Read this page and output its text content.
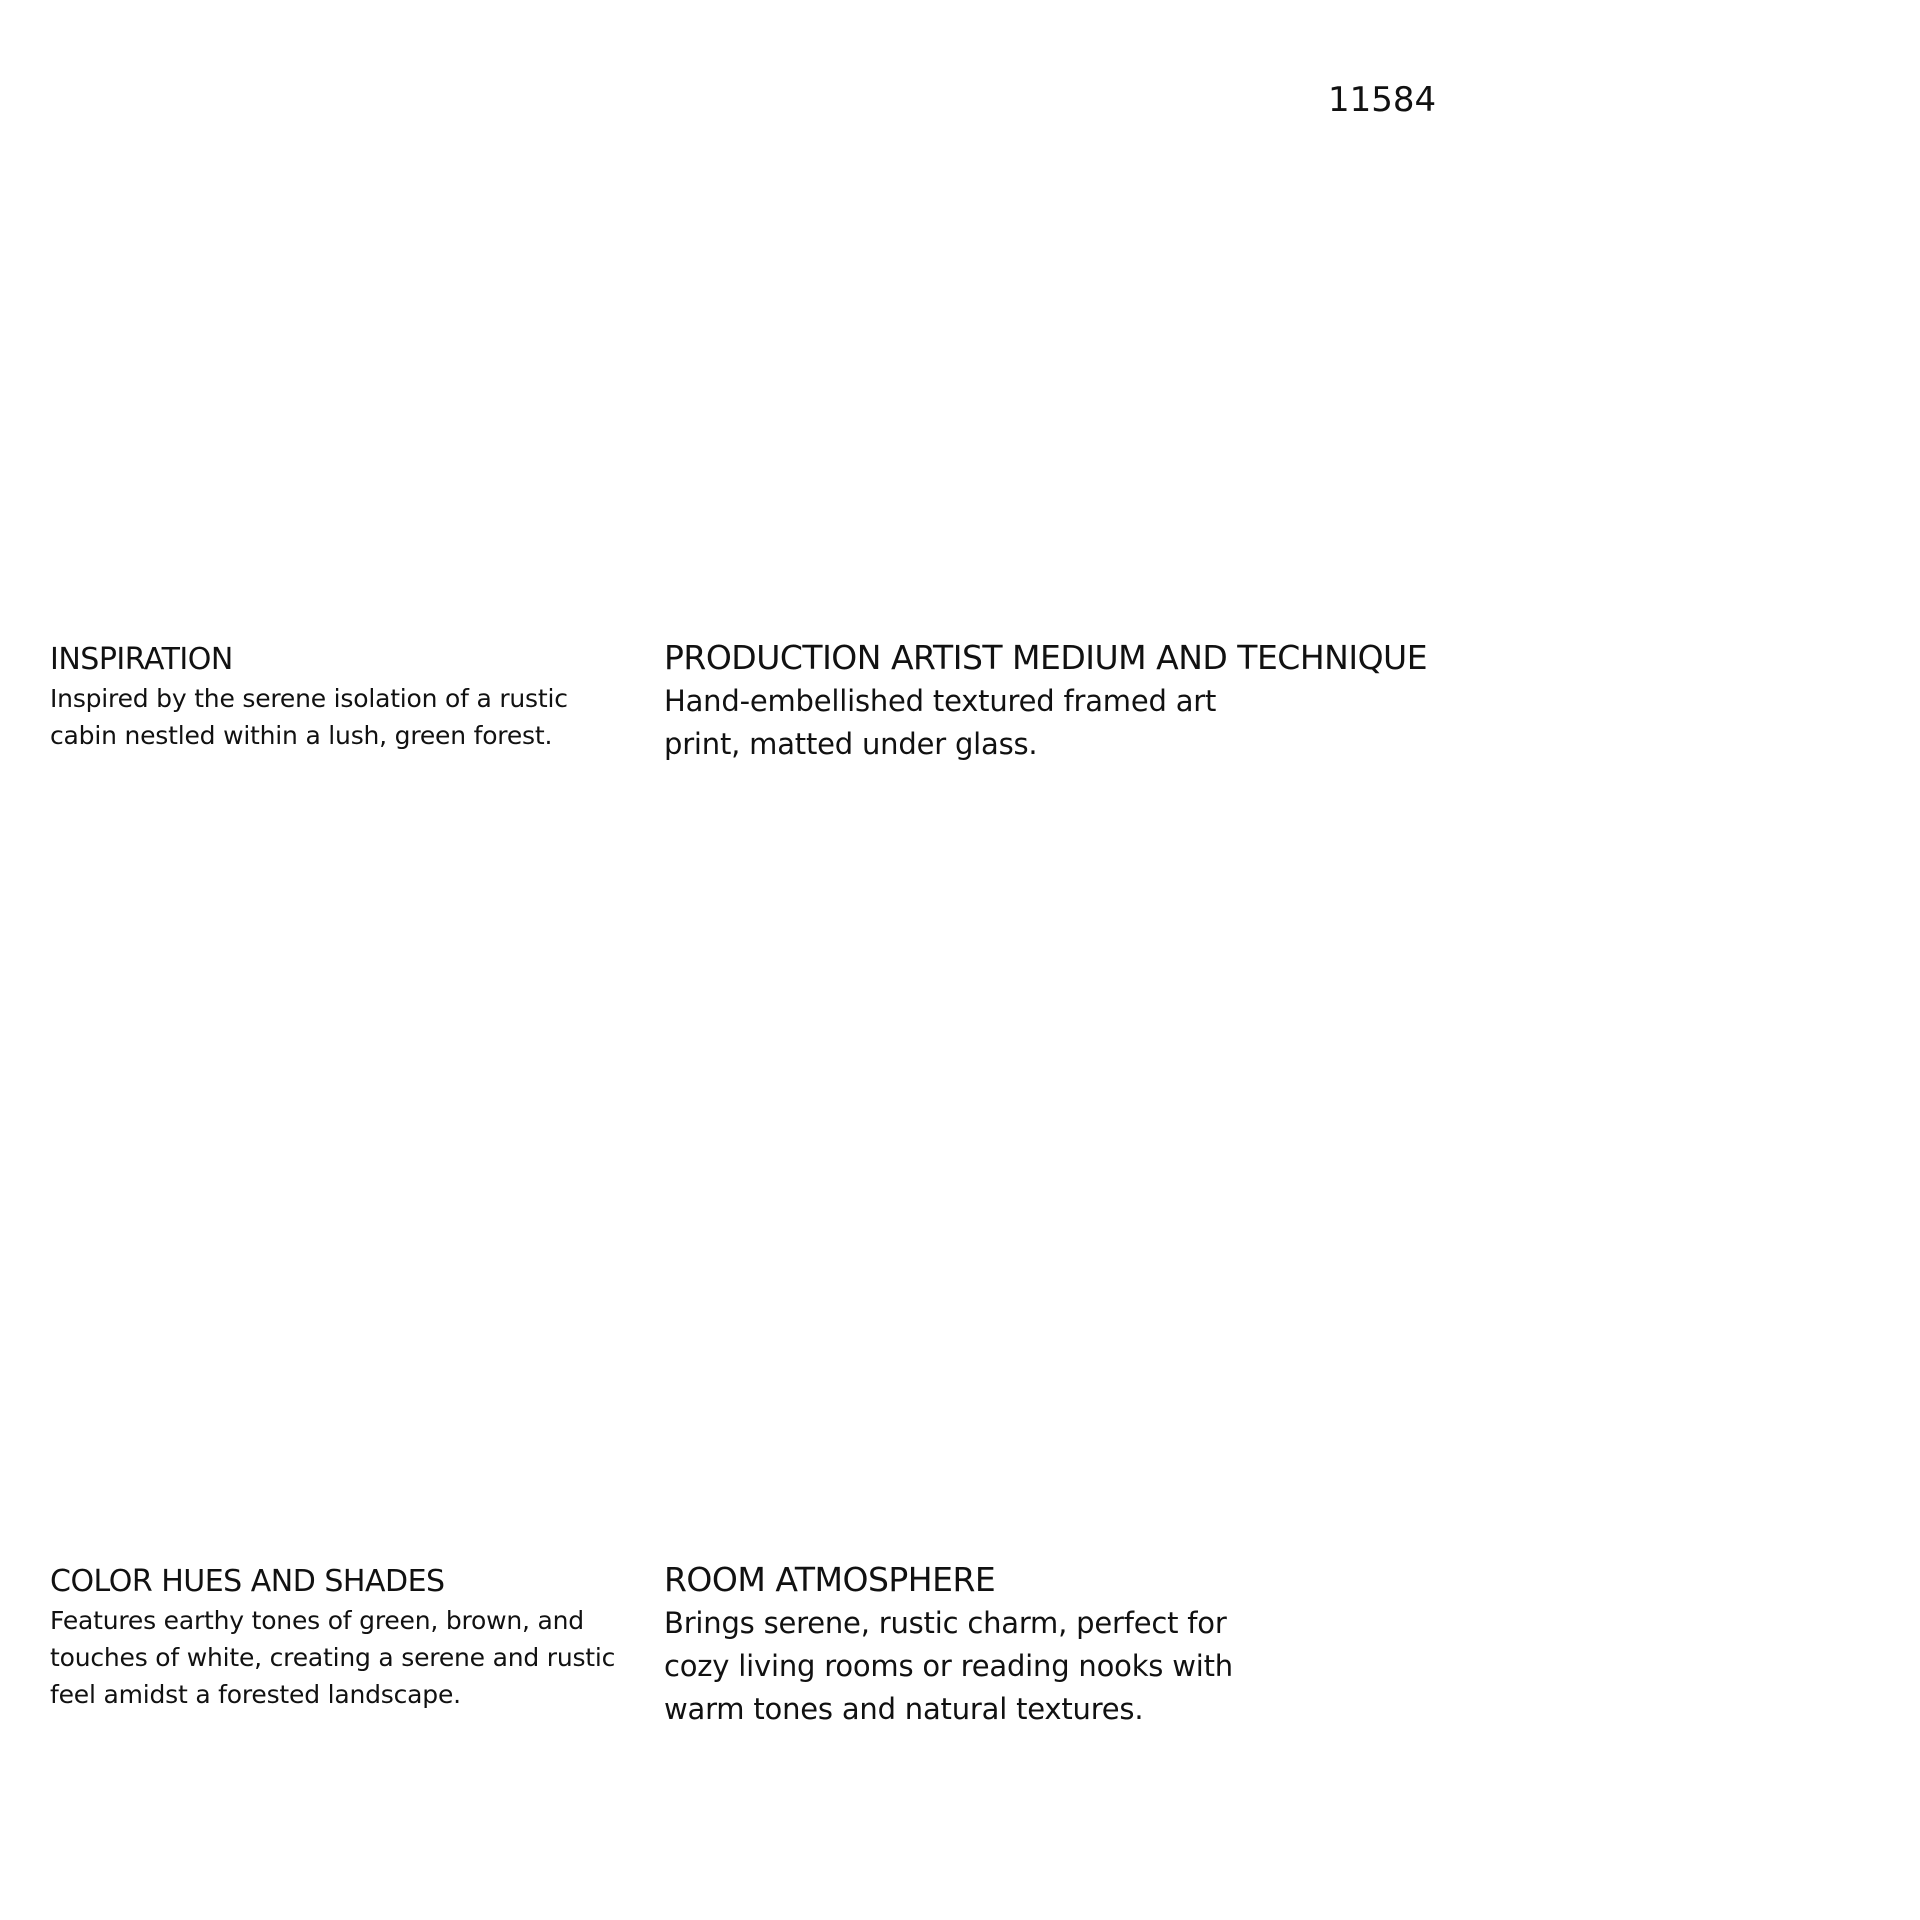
11584
INSPIRATION

Inspired by the serene isolation of a rustic
cabin nestled within a lush, green forest.

PRODUCTION ARTIST MEDIUM AND TECHNIQUE

Hand-embellished textured framed art
print, matted under glass.

COLOR HUES AND SHADES

Features earthy tones of green, brown, and
touches of white, creating a serene and rustic
feel amidst a forested landscape.

ROOM ATMOSPHERE

Brings serene, rustic charm, perfect for
cozy living rooms or reading nooks with
warm tones and natural textures.
